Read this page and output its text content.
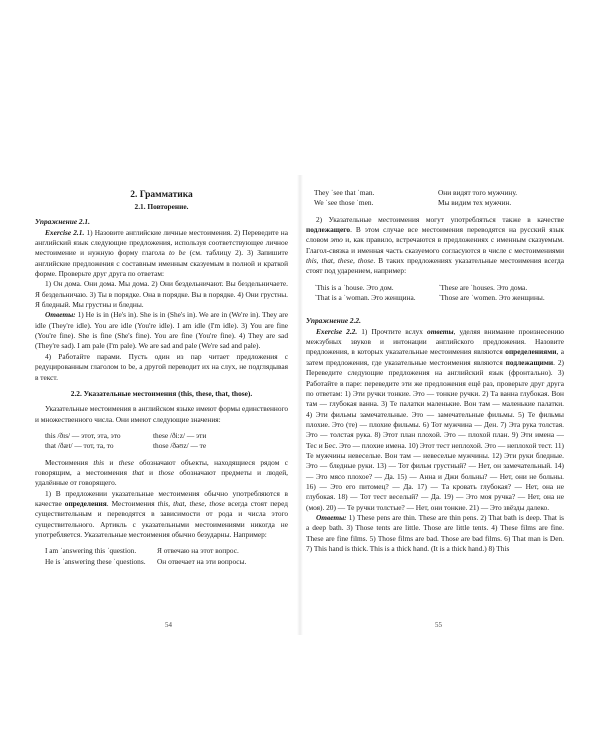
2. Грамматика

2.1. Повторение.

Упражнение 2.1.

Exercise 2.1. 1) Назовите английские личные местоимения. 2) Переведите на английский язык следующие предложения, используя соответствующее личное местоимение и нужную форму глагола to be (см. таблицу 2). 3) Запишите английские предложения с составным именным сказуемым в полной и краткой форме. Проверьте друг друга по ответам:

1) Он дома. Они дома. Мы дома. 2) Они бездельничают. Вы бездельничаете. Я бездельничаю. 3) Ты в порядке. Она в порядке. Вы в порядке. 4) Они грустны. Я бледный. Мы грустны и бледны.

Ответы: 1) He is in (He's in). She is in (She's in). We are in (We're in). They are idle (They're idle). You are idle (You're idle). I am idle (I'm idle). 3) You are fine (You're fine). She is fine (She's fine). You are fine (You're fine). 4) They are sad (They're sad). I am pale (I'm pale). We are sad and pale (We're sad and pale).

4) Работайте парами. Пусть один из пар читает предложения с редуцированным глаголом to be, а другой переводит их на слух, не подглядывая в текст.

2.2. Указательные местоимения (this, these, that, those).

Указательные местоимения в английском языке имеют формы единственного и множественного числа. Они имеют следующие значения:

this /ðɪs/ — этот, эта, это	these /ði:z/ — эти
that /ðæt/ — тот, та, то	those /ðəʊz/ — те

Местоимения this и these обозначают объекты, находящиеся рядом с говорящим, а местоимения that и those обозначают предметы и людей, удалённые от говорящего.

1) В предложении указательные местоимения обычно употребляются в качестве определения. Местоимения this, that, these, those всегда стоят перед существительным и переводятся в зависимости от рода и числа этого существительного. Артикль с указательными местоимениями никогда не употребляется. Указательные местоимения обычно безударны. Например:

I am ˈanswering this ˈquestion.	Я отвечаю на этот вопрос.
He is ˈanswering these ˈquestions.	Он отвечает на эти вопросы.
They ˈsee that ˈman.	Они видят того мужчину.
We ˈsee those ˈmen.	Мы видим тех мужчин.

2) Указательные местоимения могут употребляться также в качестве подлежащего. В этом случае все местоимения переводятся на русский язык словом это и, как правило, встречаются в предложениях с именным сказуемым. Глагол-связка и именная часть сказуемого согласуются в числе с местоимениями this, that, these, those. В таких предложениях указательные местоимения всегда стоят под ударением, например:

ˈThis is a ˈhouse. Это дом.	ˈThese are ˈhouses. Это дома.
ˈThat is a ˈwoman. Это женщина.	ˈThose are ˈwomen. Это женщины.

Упражнение 2.2.

Exercise 2.2. 1) Прочтите вслух ответы, уделяя внимание произнесению межзубных звуков и интонации английского предложения. Назовите предложения, в которых указательные местоимения являются определениями, а затем предложения, где указательные местоимения являются подлежащими. 2) Переведите следующие предложения на английский язык (фронтально). 3) Работайте в паре: переведите эти же предложения ещё раз, проверьте друг друга по ответам: 1) Эти ручки тонкие. Это — тонкие ручки. 2) Та ванна глубокая. Вон там — глубокая ванна. 3) Те палатки маленькие. Вон там — маленькие палатки. 4) Эти фильмы замечательные. Это — замечательные фильмы. 5) Те фильмы плохие. Это (те) — плохие фильмы. 6) Тот мужчина — Ден. 7) Эта рука толстая. Это — толстая рука. 8) Этот план плохой. Это — плохой план. 9) Эти имена — Тес и Бес. Это — плохие имена. 10) Этот тест неплохой. Это — неплохой тест. 11) Те мужчины невеселые. Вон там — невеселые мужчины. 12) Эти руки бледные. Это — бледные руки. 13) — Тот фильм грустный? — Нет, он замечательный. 14) — Это мясо плохое? — Да. 15) — Анна и Джи больны? — Нет, они не больны. 16) — Это его питомец? — Да. 17) — Та кровать глубокая? — Нет, она не глубокая. 18) — Тот тест веселый? — Да. 19) — Это моя ручка? — Нет, она не (моя). 20) — Те ручки толстые? — Нет, они тонкие. 21) — Это звёзды далеко.

Ответы: 1) These pens are thin. These are thin pens. 2) That bath is deep. That is a deep bath. 3) Those tents are little. Those are little tents. 4) These films are fine. These are fine films. 5) Those films are bad. Those are bad films. 6) That man is Den. 7) This hand is thick. This is a thick hand. (It is a thick hand.) 8) This

54	55
